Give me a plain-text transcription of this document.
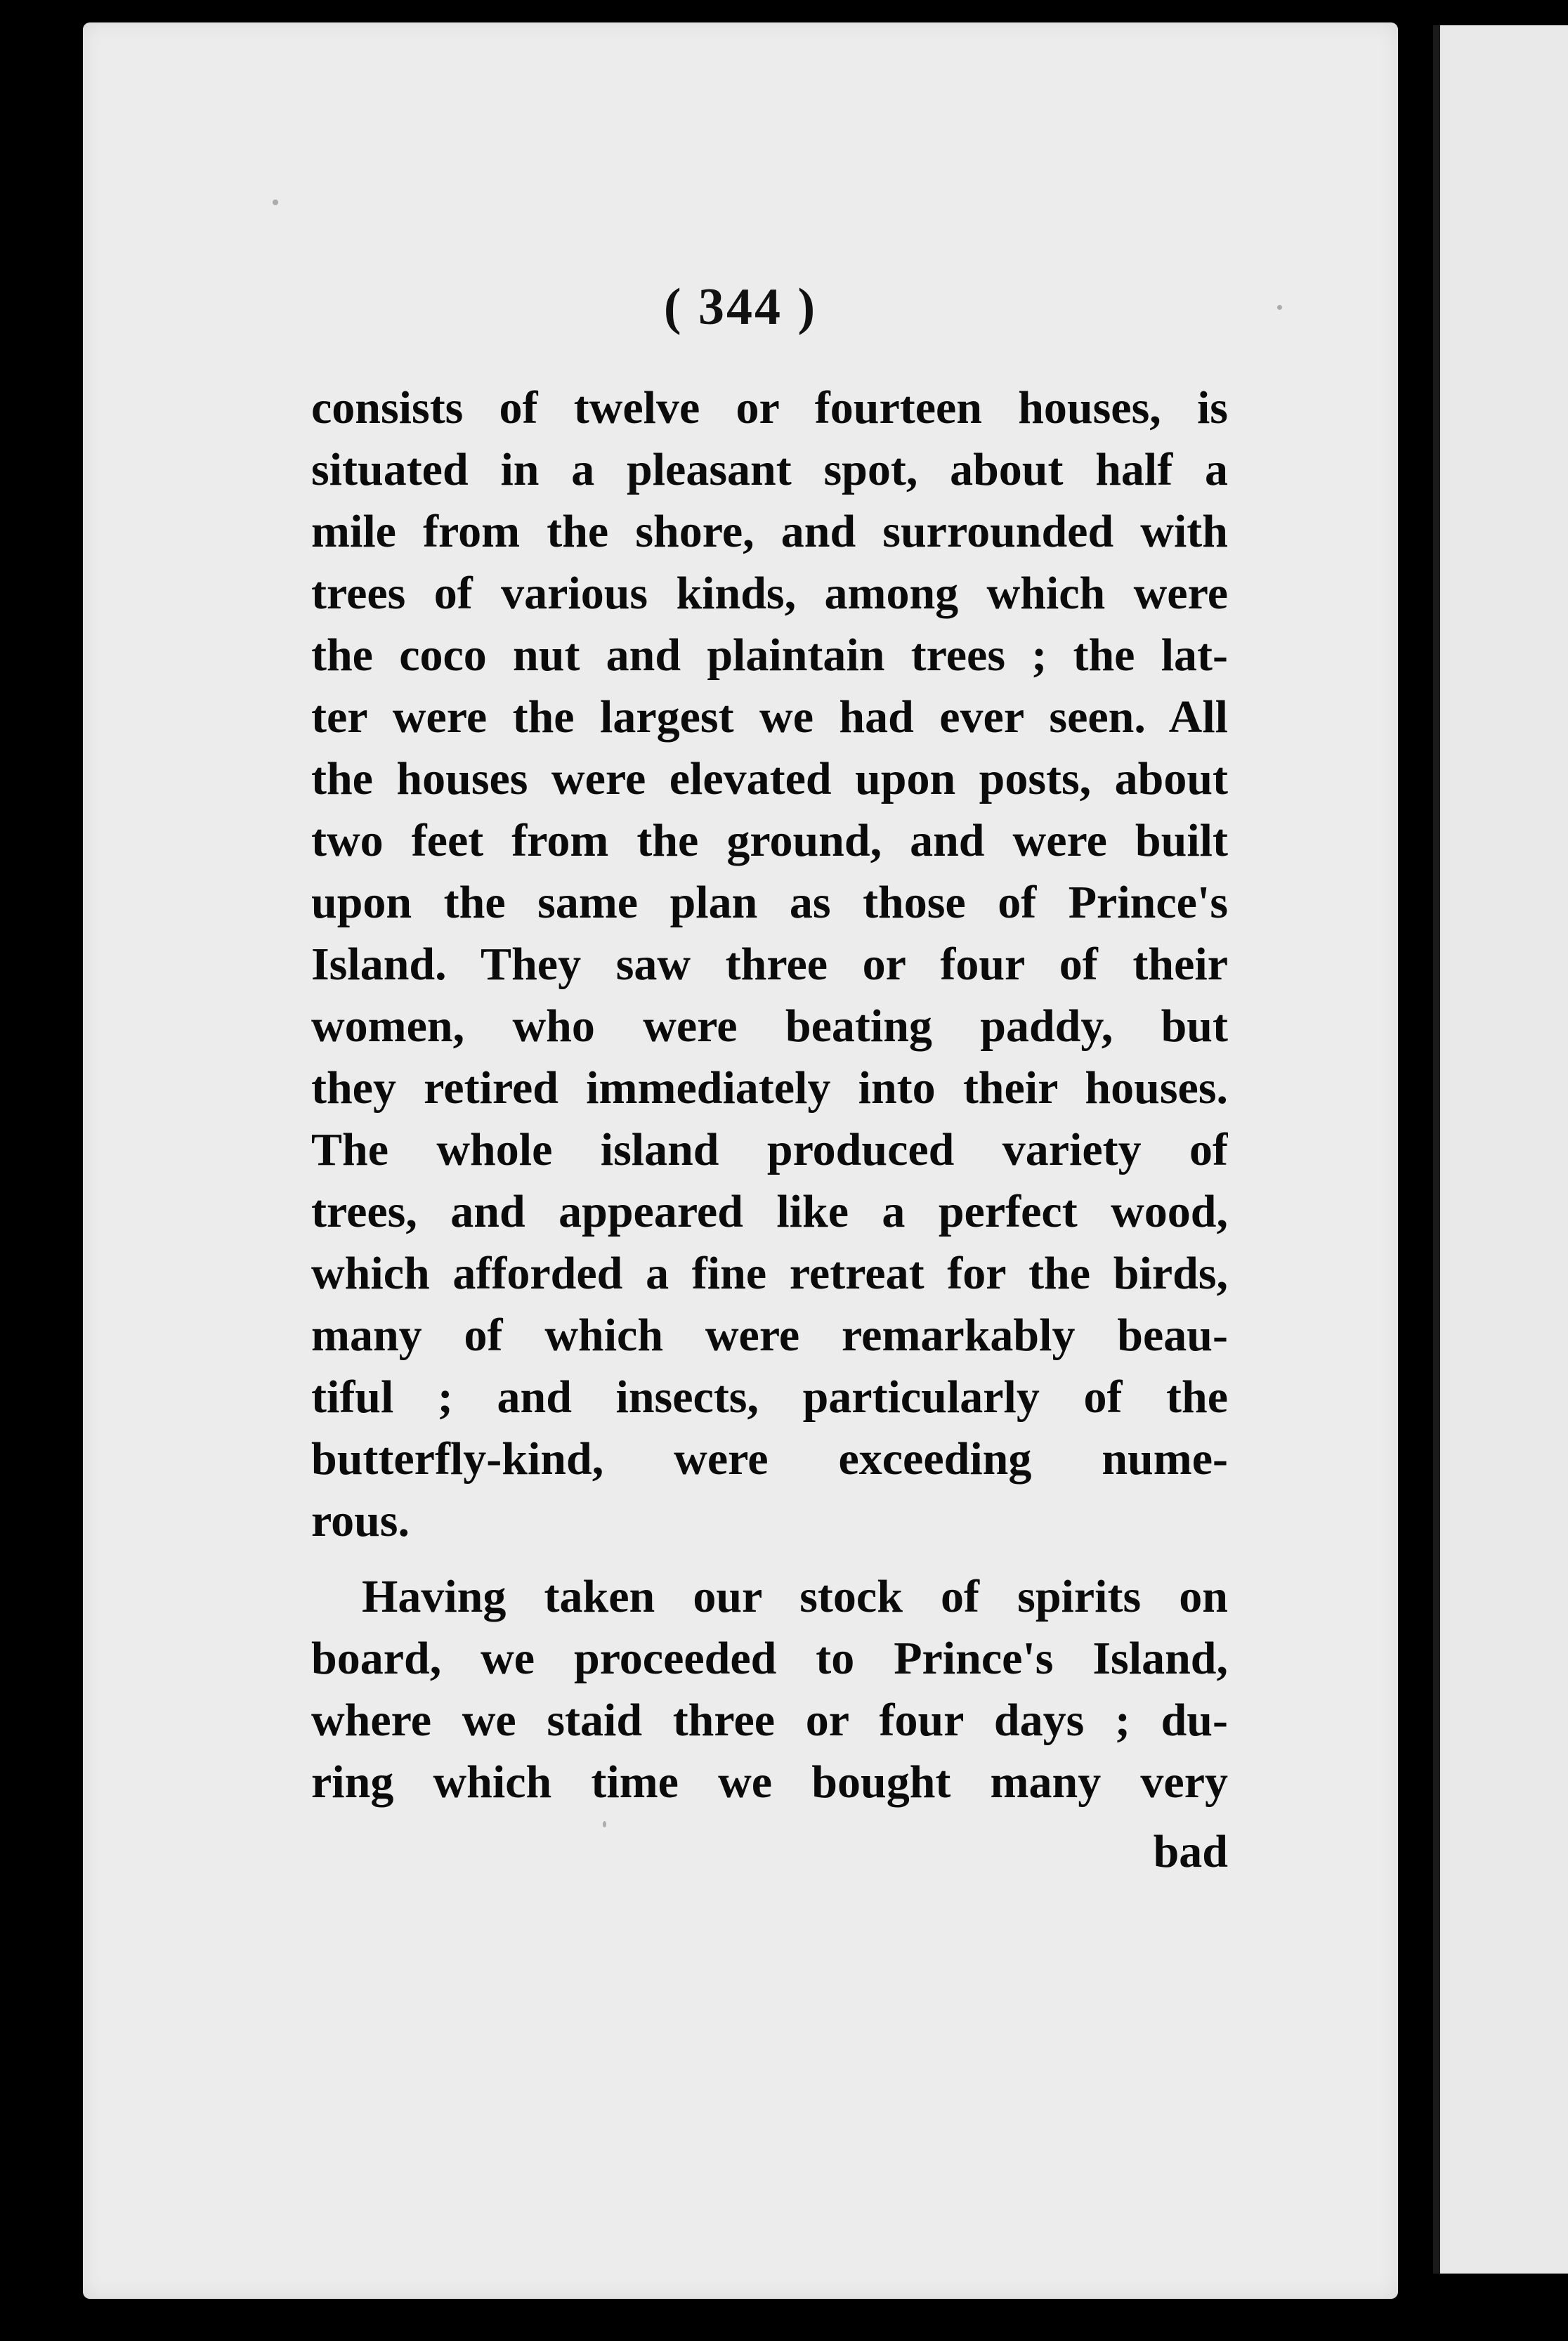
( 344 )
consists of twelve or fourteen houses, is
situated in a pleasant spot, about half a
mile from the shore, and surrounded with
trees of various kinds, among which were
the coco nut and plaintain trees ; the lat-
ter were the largest we had ever seen. All
the houses were elevated upon posts, about
two feet from the ground, and were built
upon the same plan as those of Prince's
Island. They saw three or four of their
women, who were beating paddy, but
they retired immediately into their houses.
The whole island produced variety of
trees, and appeared like a perfect wood,
which afforded a fine retreat for the birds,
many of which were remarkably beau-
tiful ; and insects, particularly of the
butterfly-kind, were exceeding nume-
rous.
Having taken our stock of spirits on
board, we proceeded to Prince's Island,
where we staid three or four days ; du-
ring which time we bought many very
bad
